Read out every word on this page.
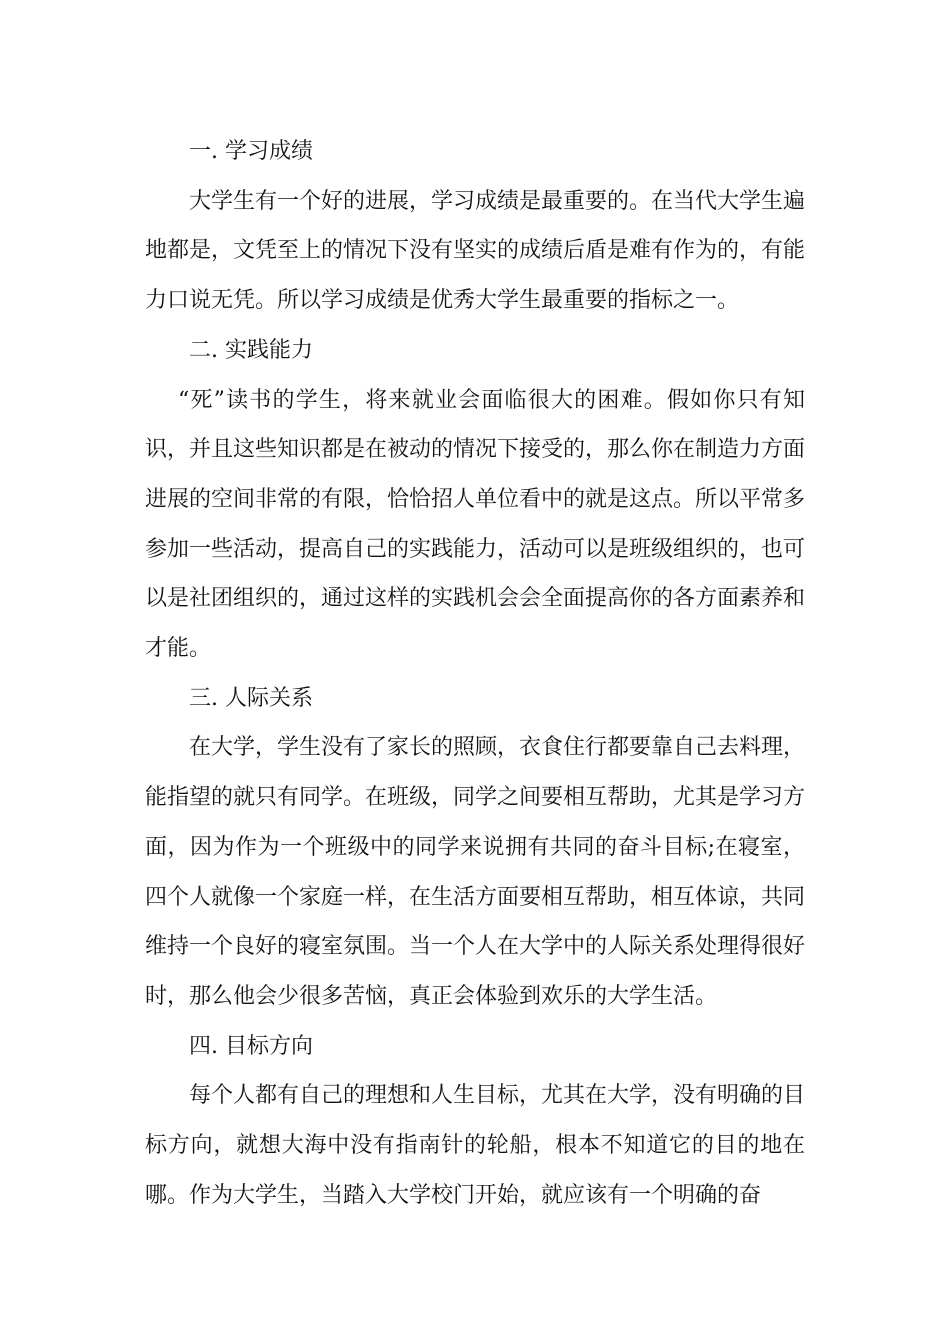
一. 学习成绩

大学生有一个好的进展，学习成绩是最重要的。在当代大学生遍地都是，文凭至上的情况下没有坚实的成绩后盾是难有作为的，有能力口说无凭。所以学习成绩是优秀大学生最重要的指标之一。

二. 实践能力

“死”读书的学生，将来就业会面临很大的困难。假如你只有知识，并且这些知识都是在被动的情况下接受的，那么你在制造力方面进展的空间非常的有限，恰恰招人单位看中的就是这点。所以平常多参加一些活动，提高自己的实践能力，活动可以是班级组织的，也可以是社团组织的，通过这样的实践机会会全面提高你的各方面素养和才能。

三. 人际关系

在大学，学生没有了家长的照顾，衣食住行都要靠自己去料理，能指望的就只有同学。在班级，同学之间要相互帮助，尤其是学习方面，因为作为一个班级中的同学来说拥有共同的奋斗目标;在寝室，四个人就像一个家庭一样，在生活方面要相互帮助，相互体谅，共同维持一个良好的寝室氛围。当一个人在大学中的人际关系处理得很好时，那么他会少很多苦恼，真正会体验到欢乐的大学生活。

四. 目标方向

每个人都有自己的理想和人生目标，尤其在大学，没有明确的目标方向，就想大海中没有指南针的轮船，根本不知道它的目的地在哪。作为大学生，当踏入大学校门开始，就应该有一个明确的奋
